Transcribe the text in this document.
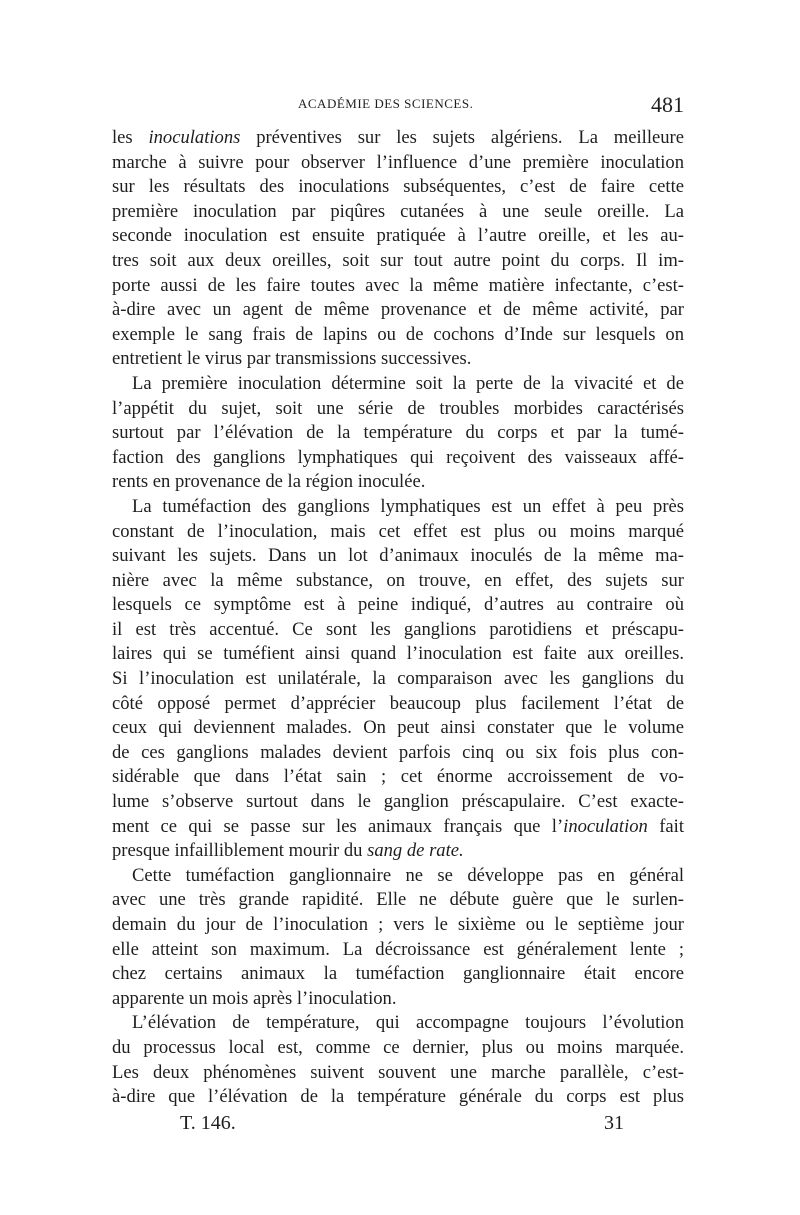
ACADÉMIE DES SCIENCES.	481
les inoculations préventives sur les sujets algériens. La meilleure
marche à suivre pour observer l’influence d’une première inoculation
sur les résultats des inoculations subséquentes, c’est de faire cette
première inoculation par piqûres cutanées à une seule oreille. La
seconde inoculation est ensuite pratiquée à l’autre oreille, et les au-
tres soit aux deux oreilles, soit sur tout autre point du corps. Il im-
porte aussi de les faire toutes avec la même matière infectante, c’est-
à-dire avec un agent de même provenance et de même activité, par
exemple le sang frais de lapins ou de cochons d’Inde sur lesquels on
entretient le virus par transmissions successives.
La première inoculation détermine soit la perte de la vivacité et de
l’appétit du sujet, soit une série de troubles morbides caractérisés
surtout par l’élévation de la température du corps et par la tumé-
faction des ganglions lymphatiques qui reçoivent des vaisseaux affé-
rents en provenance de la région inoculée.
La tuméfaction des ganglions lymphatiques est un effet à peu près
constant de l’inoculation, mais cet effet est plus ou moins marqué
suivant les sujets. Dans un lot d’animaux inoculés de la même ma-
nière avec la même substance, on trouve, en effet, des sujets sur
lesquels ce symptôme est à peine indiqué, d’autres au contraire où
il est très accentué. Ce sont les ganglions parotidiens et préscapu-
laires qui se tuméfient ainsi quand l’inoculation est faite aux oreilles.
Si l’inoculation est unilatérale, la comparaison avec les ganglions du
côté opposé permet d’apprécier beaucoup plus facilement l’état de
ceux qui deviennent malades. On peut ainsi constater que le volume
de ces ganglions malades devient parfois cinq ou six fois plus con-
sidérable que dans l’état sain ; cet énorme accroissement de vo-
lume s’observe surtout dans le ganglion préscapulaire. C’est exacte-
ment ce qui se passe sur les animaux français que l’inoculation fait
presque infailliblement mourir du sang de rate.
Cette tuméfaction ganglionnaire ne se développe pas en général
avec une très grande rapidité. Elle ne débute guère que le surlen-
demain du jour de l’inoculation ; vers le sixième ou le septième jour
elle atteint son maximum. La décroissance est généralement lente ;
chez certains animaux la tuméfaction ganglionnaire était encore
apparente un mois après l’inoculation.
L’élévation de température, qui accompagne toujours l’évolution
du processus local est, comme ce dernier, plus ou moins marquée.
Les deux phénomènes suivent souvent une marche parallèle, c’est-
à-dire que l’élévation de la température générale du corps est plus
T. 146.	31
